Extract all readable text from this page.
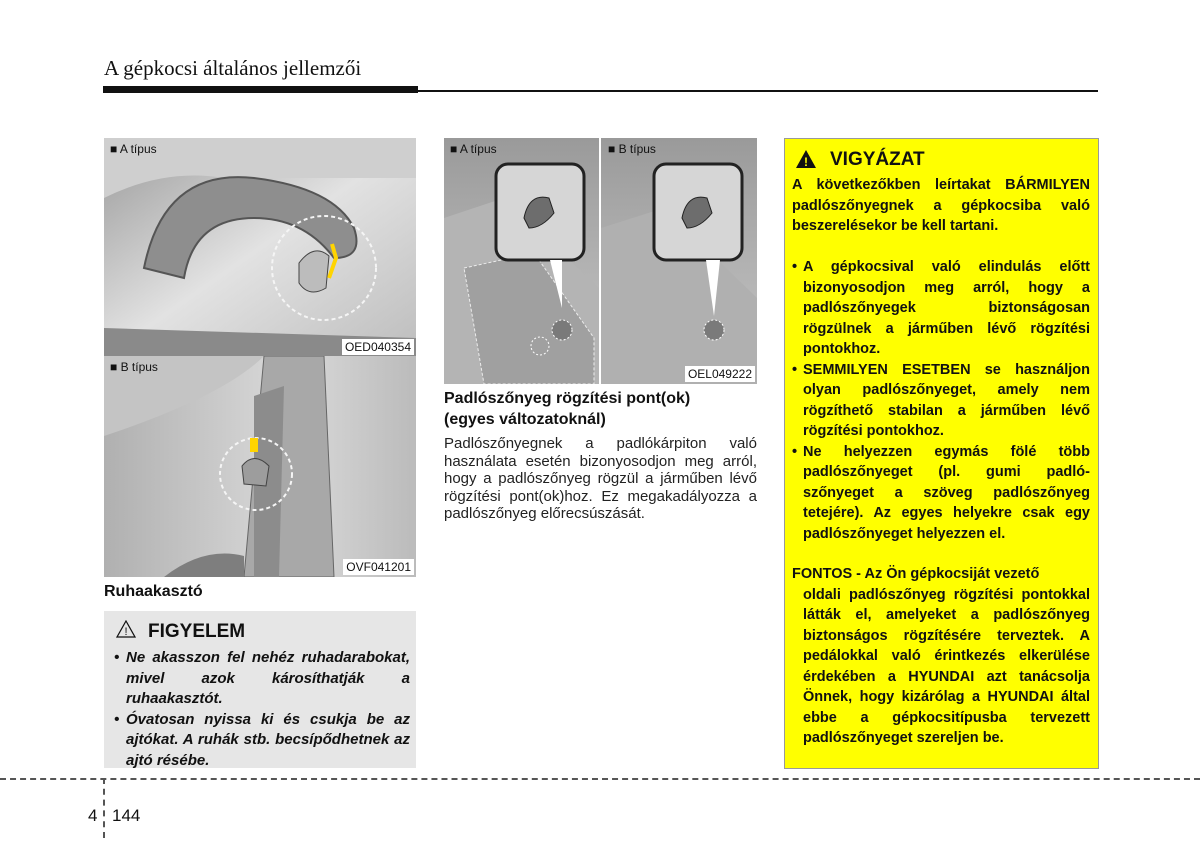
A gépkocsi általános jellemzői
■ A típus
OED040354
■ B típus
OVF041201
Ruhaakasztó
! FIGYELEM
• Ne akasszon fel nehéz ruhadarabokat, mivel azok károsíthatják a ruhaakasztót.
• Óvatosan nyissa ki és csukja be az ajtókat. A ruhák stb. becsípődhetnek az ajtó résébe.
■ A típus	■ B típus
OEL049222
Padlószőnyeg rögzítési pont(ok)
(egyes változatoknál)
Padlószőnyegnek a padlókárpiton való használata esetén bizonyosodjon meg arról, hogy a padlószőnyeg rögzül a járműben lévő rögzítési pont(ok)hoz. Ez megakadályozza a padlószőnyeg előrecsúszását.
! VIGYÁZAT
A következőkben leírtakat BÁRMILYEN padlószőnyegnek a gépkocsiba való beszerelésekor be kell tartani.
• A gépkocsival való elindulás előtt bizonyosodjon meg arról, hogy a padlószőnyegek biztonságosan rögzülnek a járműben lévő rögzítési pontokhoz.
• SEMMILYEN ESETBEN se használjon olyan padlószőnyeget, amely nem rögzíthető stabilan a járműben lévő rögzítési pontokhoz.
• Ne helyezzen egymás fölé több padlószőnyeget (pl. gumi padlószőnyeget a szöveg padlószőnyeg tetejére). Az egyes helyekre csak egy padlószőnyeget helyezzen el.
FONTOS - Az Ön gépkocsiját vezető
oldali padlószőnyeg rögzítési pontokkal látták el, amelyeket a padlószőnyeg biztonságos rögzítésére terveztek. A pedálokkal való érintkezés elkerülése érdekében a HYUNDAI azt tanácsolja Önnek, hogy kizárólag a HYUNDAI által ebbe a gépkocsitípusba tervezett padlószőnyeget szereljen be.
4 144
